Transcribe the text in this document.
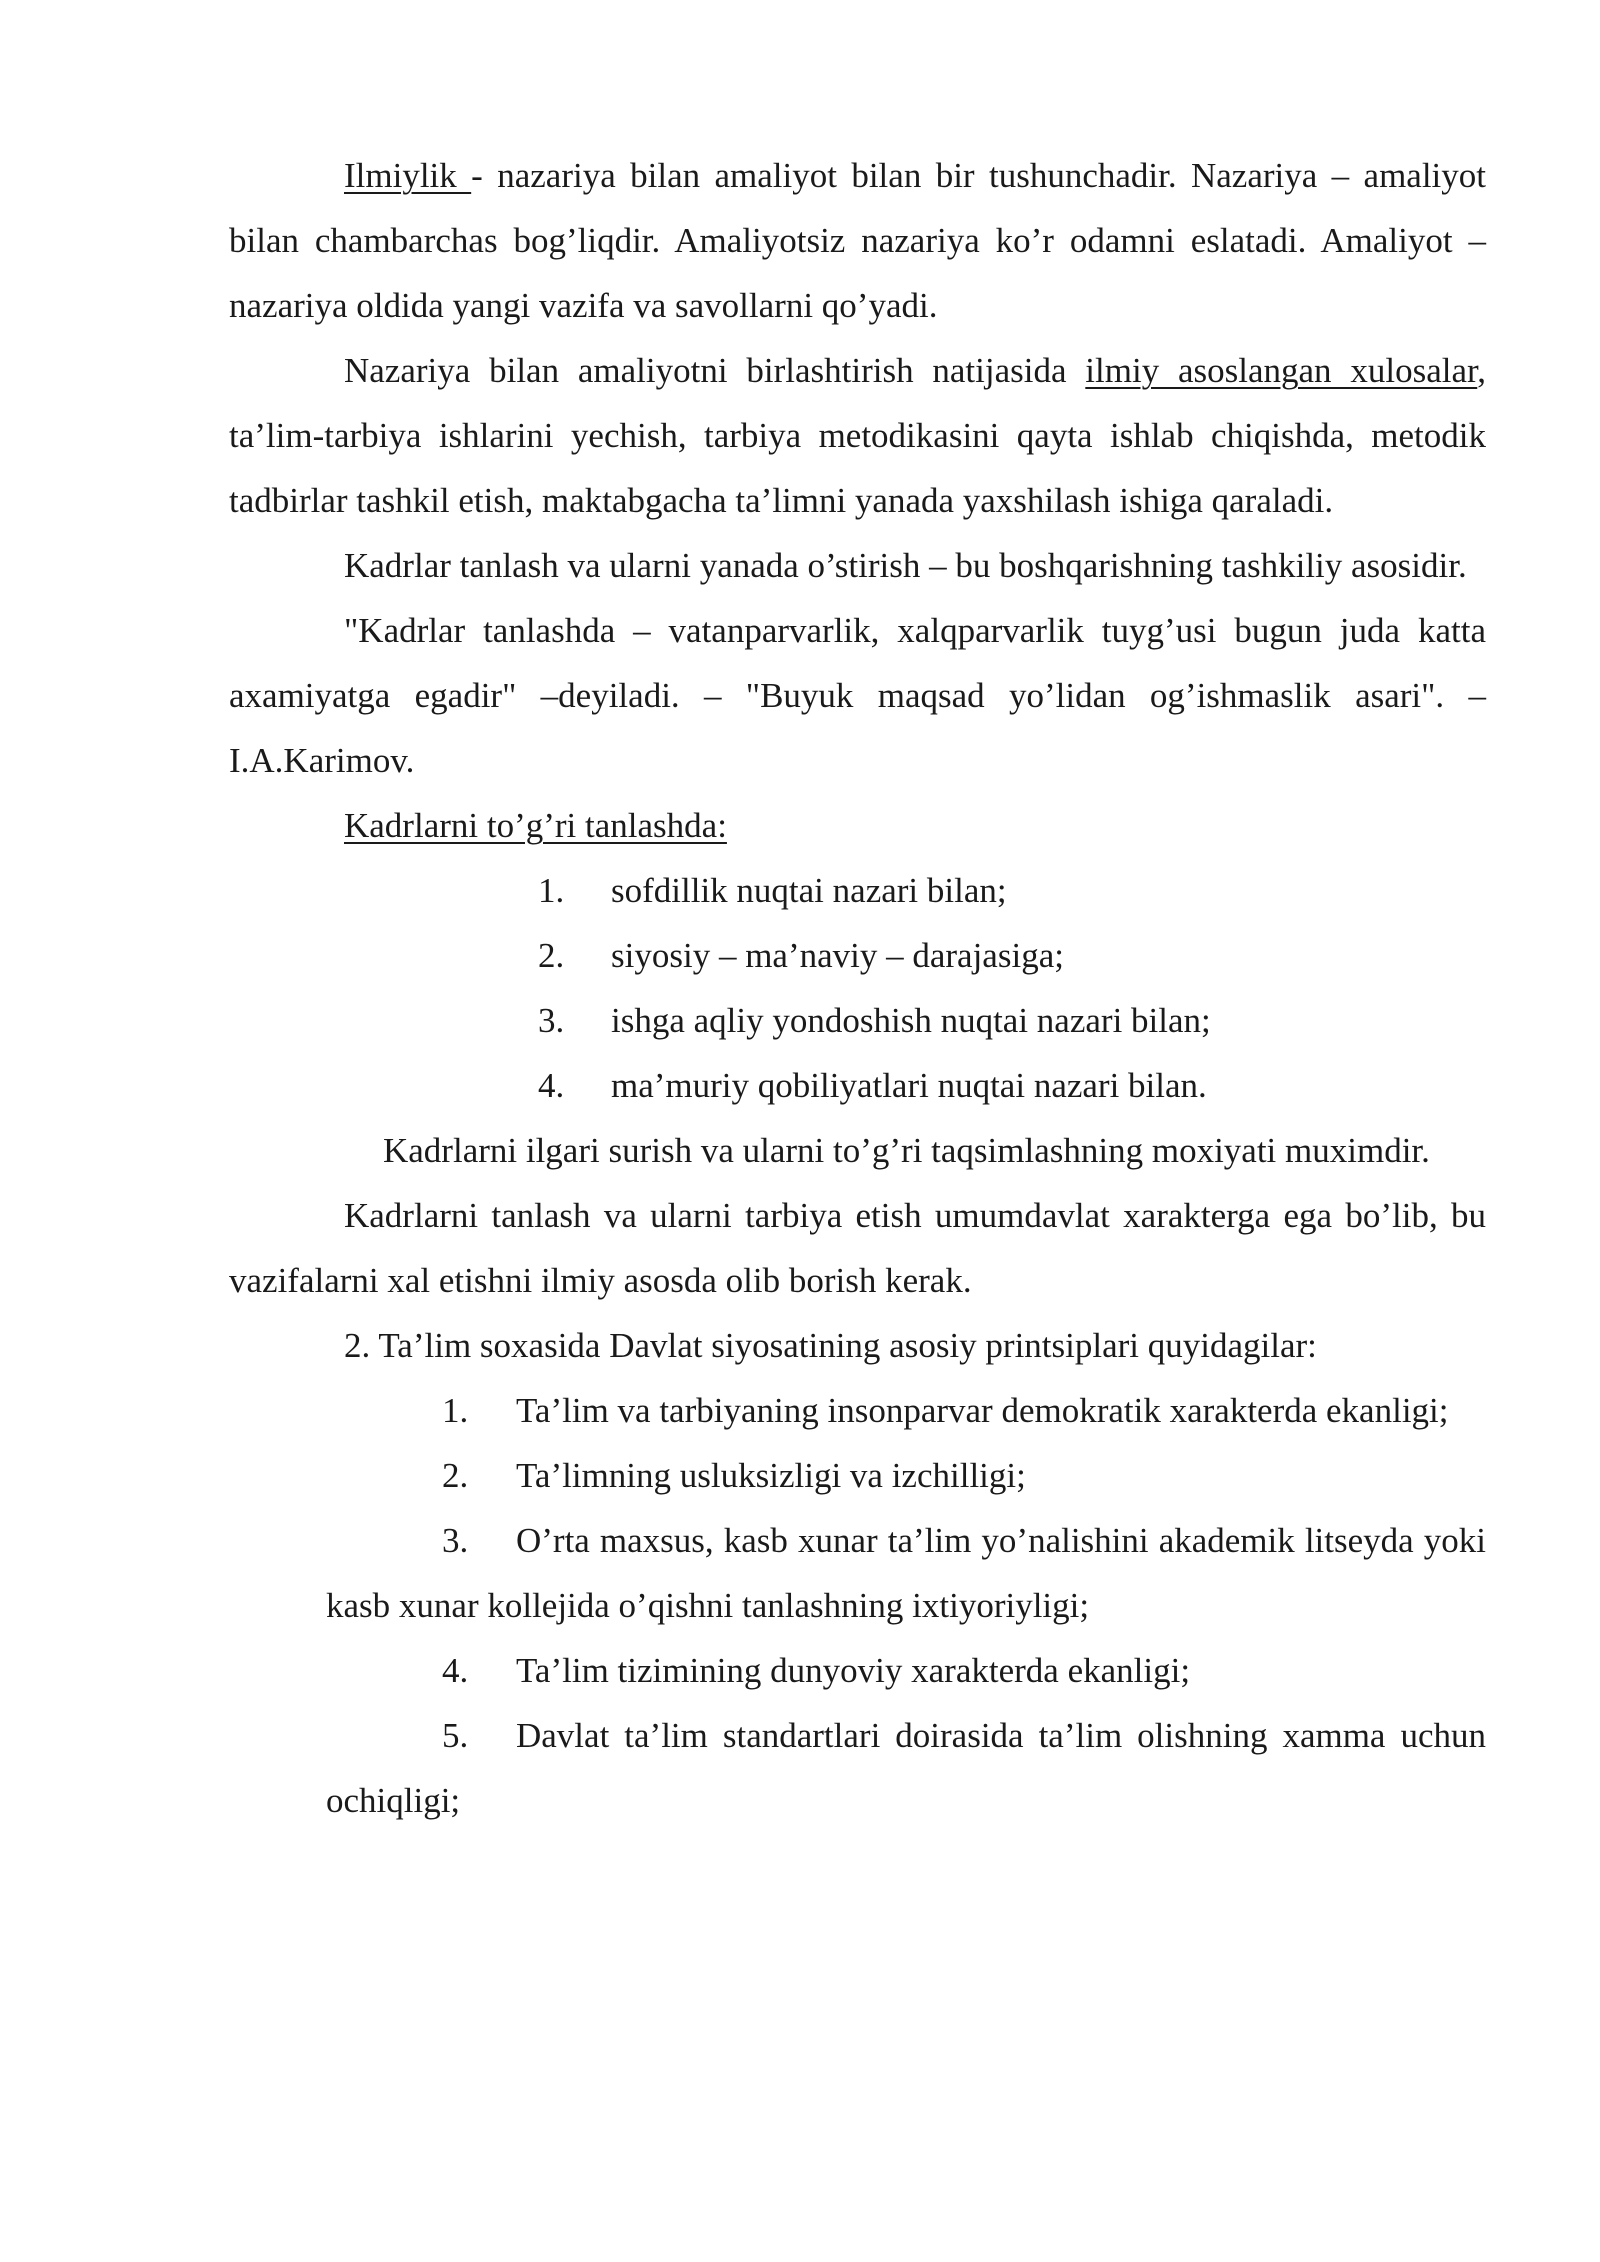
Ilmiylik - nazariya bilan amaliyot bilan bir tushunchadir. Nazariya – amaliyot bilan chambarchas bog’liqdir. Amaliyotsiz nazariya ko’r odamni eslatadi. Amaliyot – nazariya oldida yangi vazifa va savollarni qo’yadi.

Nazariya bilan amaliyotni birlashtirish natijasida ilmiy asoslangan xulosalar, ta’lim-tarbiya ishlarini yechish, tarbiya metodikasini qayta ishlab chiqishda, metodik tadbirlar tashkil etish, maktabgacha ta’limni yanada yaxshilash ishiga qaraladi.

Kadrlar tanlash va ularni yanada o’stirish – bu boshqarishning tashkiliy asosidir.

"Kadrlar tanlashda – vatanparvarlik, xalqparvarlik tuyg’usi bugun juda katta axamiyatga egadir" –deyiladi. – "Buyuk maqsad yo’lidan og’ishmaslik asari". – I.A.Karimov.

Kadrlarni to’g’ri tanlashda:

1.	sofdillik nuqtai nazari bilan;

2.	siyosiy – ma’naviy – darajasiga;

3.	ishga aqliy yondoshish nuqtai nazari bilan;

4.	ma’muriy qobiliyatlari nuqtai nazari bilan.

Kadrlarni ilgari surish va ularni to’g’ri taqsimlashning moxiyati muximdir.

Kadrlarni tanlash va ularni tarbiya etish umumdavlat xarakterga ega bo’lib, bu vazifalarni xal etishni ilmiy asosda olib borish kerak.

2. Ta’lim soxasida Davlat siyosatining asosiy printsiplari quyidagilar:

1. Ta’lim va tarbiyaning insonparvar demokratik xarakterda ekanligi;

2. Ta’limning usluksizligi va izchilligi;

3. O’rta maxsus, kasb xunar ta’lim yo’nalishini akademik litseyda yoki kasb xunar kollejida o’qishni tanlashning ixtiyoriyligi;

4. Ta’lim tizimining dunyoviy xarakterda ekanligi;

5. Davlat ta’lim standartlari doirasida ta’lim olishning xamma uchun ochiqligi;
